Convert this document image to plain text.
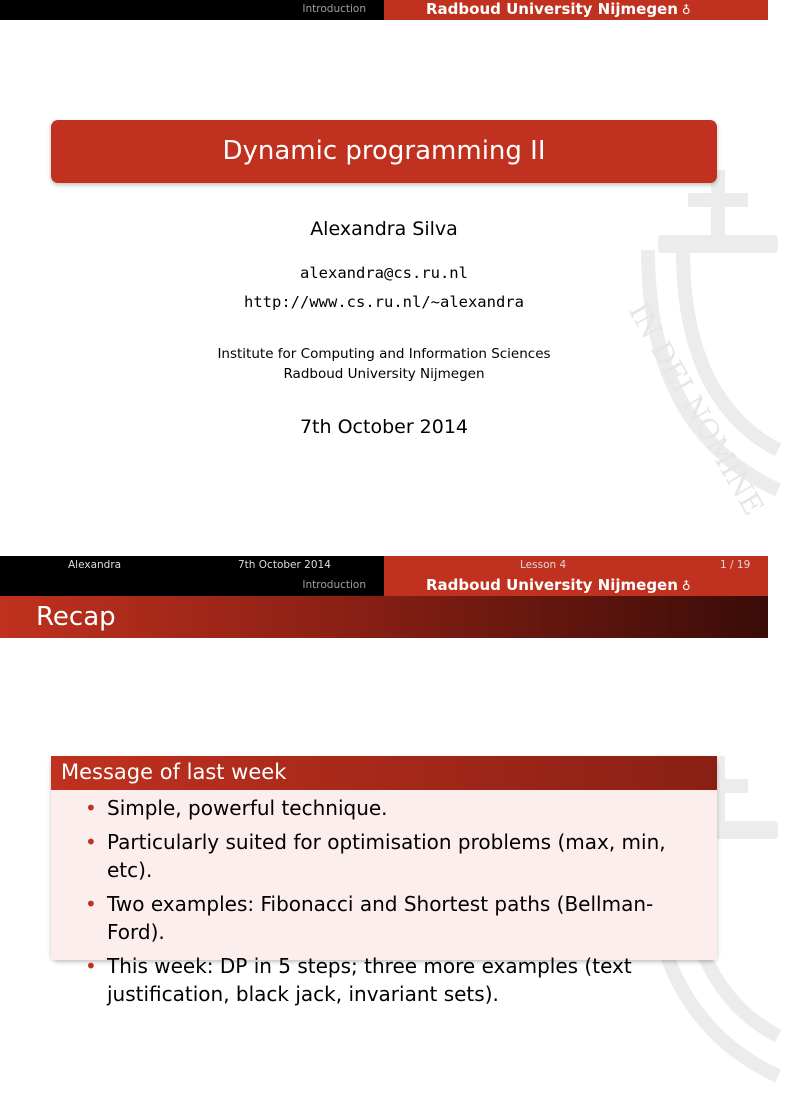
Introduction	Radboud University Nijmegen ♁
IN DEI NOMINE
Dynamic programming II
Alexandra Silva
alexandra@cs.ru.nl
http://www.cs.ru.nl/~alexandra
Institute for Computing and Information Sciences
Radboud University Nijmegen
7th October 2014
Alexandra	7th October 2014	Lesson 4	1 / 19
Introduction	Radboud University Nijmegen ♁
Recap
Message of last week
• Simple, powerful technique.
• Particularly suited for optimisation problems (max, min, etc).
• Two examples: Fibonacci and Shortest paths (Bellman-Ford).
• This week: DP in 5 steps; three more examples (text justification, black jack, invariant sets).
